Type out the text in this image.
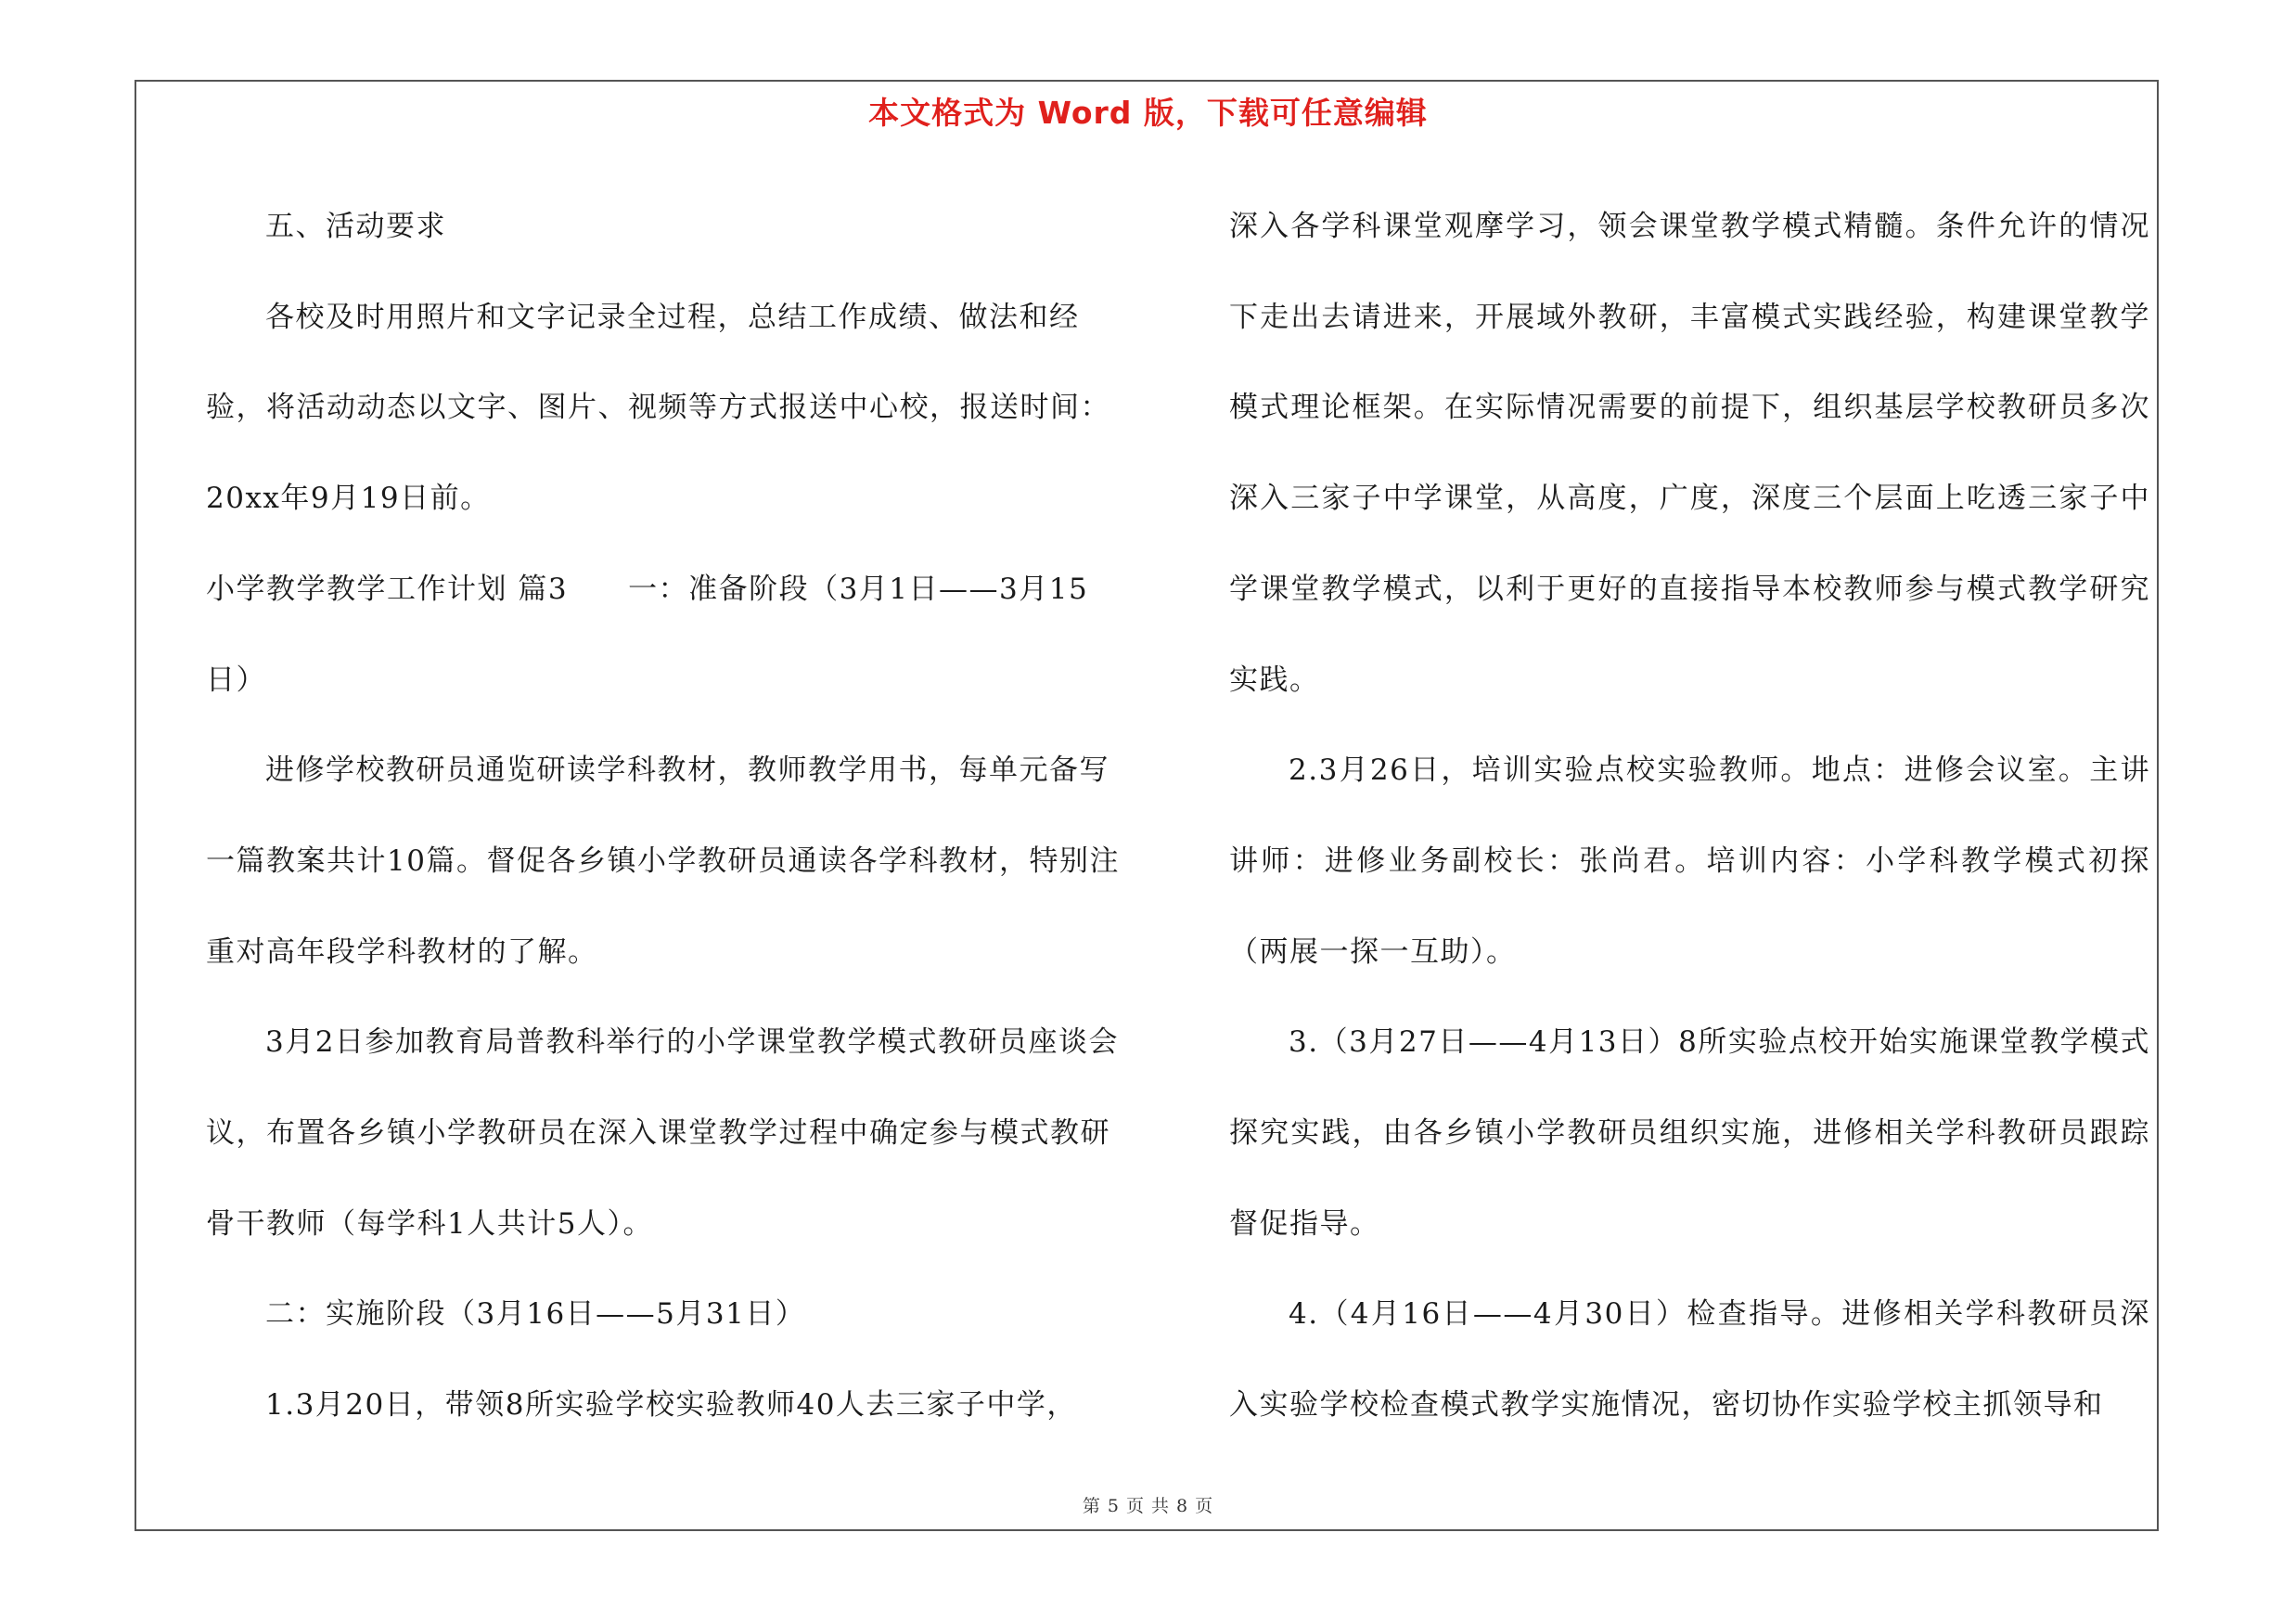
本文格式为 Word 版，下载可任意编辑

五、活动要求

各校及时用照片和文字记录全过程，总结工作成绩、做法和经验，将活动动态以文字、图片、视频等方式报送中心校，报送时间：20xx年9月19日前。

小学教学教学工作计划 篇3　　一：准备阶段（3月1日——3月15日）

进修学校教研员通览研读学科教材，教师教学用书，每单元备写一篇教案共计10篇。督促各乡镇小学教研员通读各学科教材，特别注重对高年段学科教材的了解。

3月2日参加教育局普教科举行的小学课堂教学模式教研员座谈会议，布置各乡镇小学教研员在深入课堂教学过程中确定参与模式教研骨干教师（每学科1人共计5人）。

二：实施阶段（3月16日——5月31日）

1.3月20日，带领8所实验学校实验教师40人去三家子中学，

深入各学科课堂观摩学习，领会课堂教学模式精髓。条件允许的情况下走出去请进来，开展域外教研，丰富模式实践经验，构建课堂教学模式理论框架。在实际情况需要的前提下，组织基层学校教研员多次深入三家子中学课堂，从高度，广度，深度三个层面上吃透三家子中学课堂教学模式，以利于更好的直接指导本校教师参与模式教学研究实践。

2.3月26日，培训实验点校实验教师。地点：进修会议室。主讲讲师：进修业务副校长：张尚君。培训内容：小学科教学模式初探（两展一探一互助）。

3.（3月27日——4月13日）8所实验点校开始实施课堂教学模式探究实践，由各乡镇小学教研员组织实施，进修相关学科教研员跟踪督促指导。

4.（4月16日——4月30日）检查指导。进修相关学科教研员深入实验学校检查模式教学实施情况，密切协作实验学校主抓领导和

第 5 页 共 8 页
